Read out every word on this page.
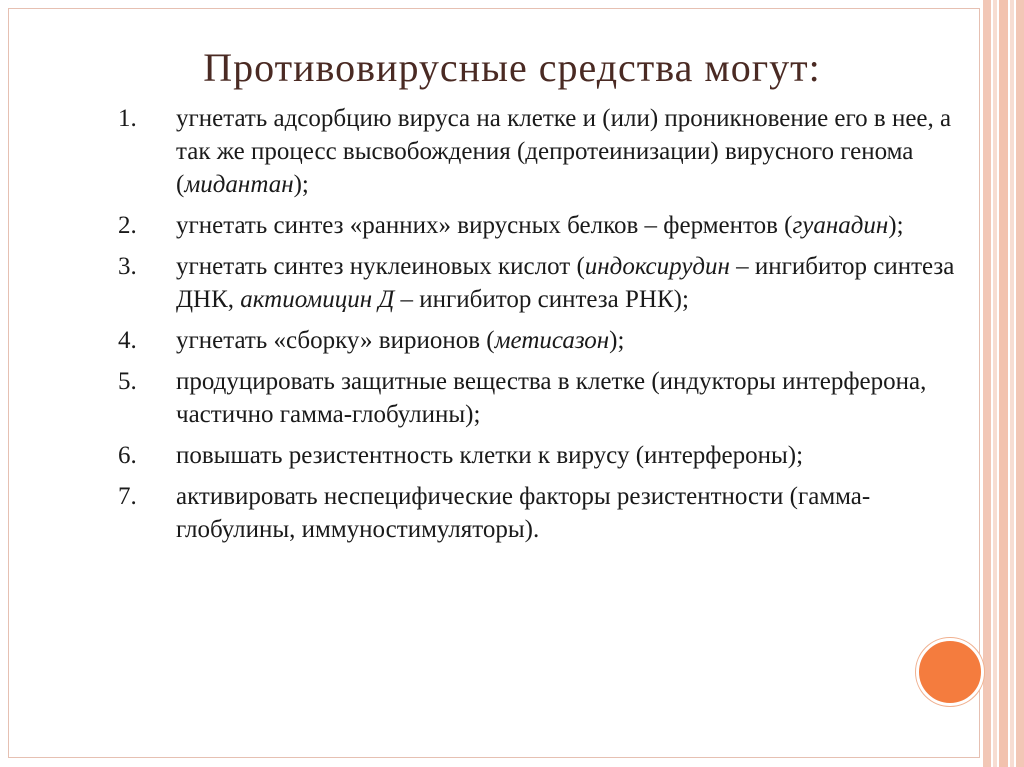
Противовирусные средства могут:
1. угнетать адсорбцию вируса на клетке и (или) проникновение его в нее, а так же процесс высвобождения (депротеинизации) вирусного генома (мидантан);
2. угнетать синтез «ранних» вирусных белков – ферментов (гуанадин);
3. угнетать синтез нуклеиновых кислот (индоксирудин – ингибитор синтеза ДНК, актиомицин Д – ингибитор синтеза РНК);
4. угнетать «сборку» вирионов (метисазон);
5. продуцировать защитные вещества в клетке (индукторы интерферона, частично гамма-глобулины);
6. повышать резистентность клетки к вирусу (интерфероны);
7. активировать неспецифические факторы резистентности (гамма-глобулины, иммуностимуляторы).
